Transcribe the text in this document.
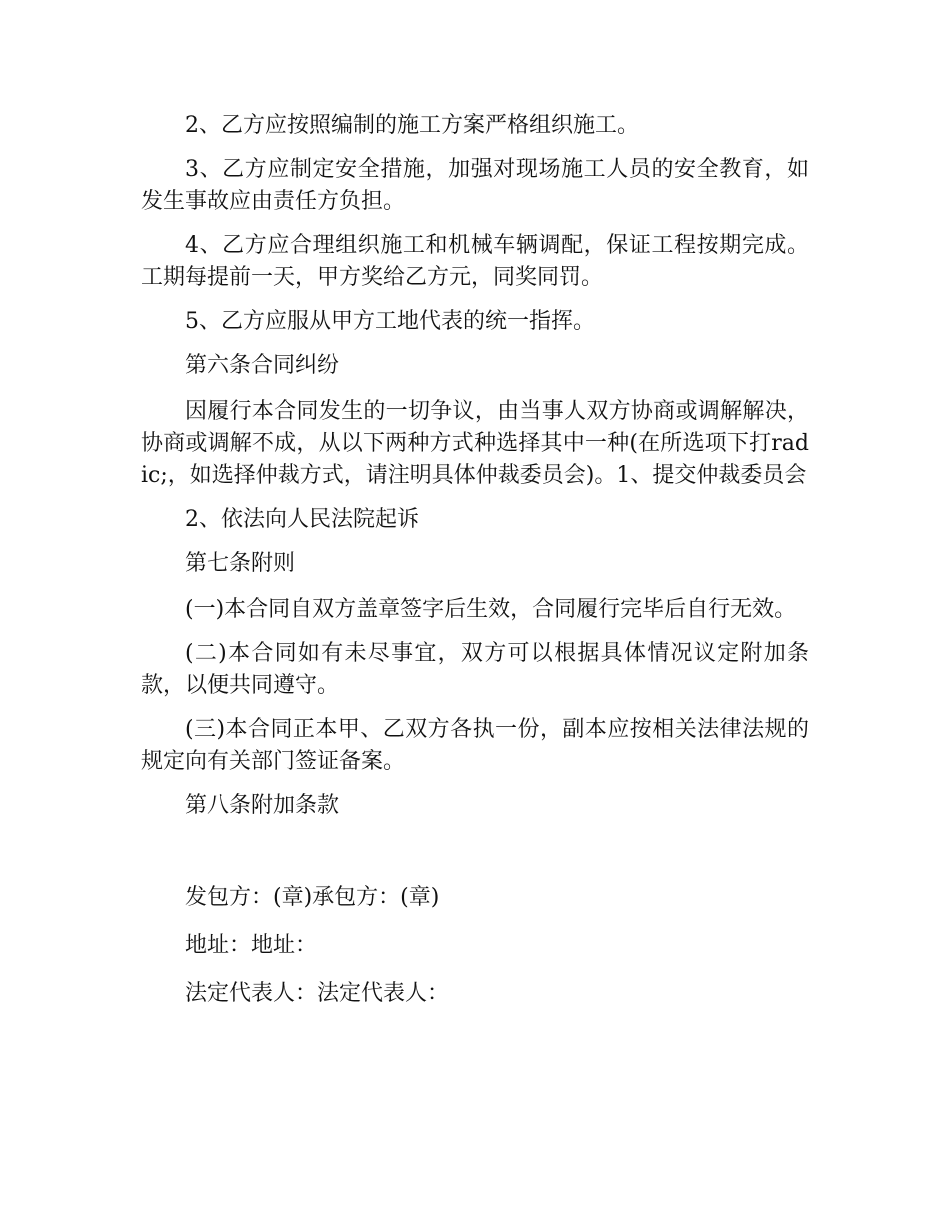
2、乙方应按照编制的施工方案严格组织施工。

3、乙方应制定安全措施，加强对现场施工人员的安全教育，如发生事故应由责任方负担。

4、乙方应合理组织施工和机械车辆调配，保证工程按期完成。工期每提前一天，甲方奖给乙方元，同奖同罚。

5、乙方应服从甲方工地代表的统一指挥。

第六条合同纠纷

因履行本合同发生的一切争议，由当事人双方协商或调解解决，协商或调解不成，从以下两种方式种选择其中一种(在所选项下打radic;，如选择仲裁方式，请注明具体仲裁委员会)。1、提交仲裁委员会

2、依法向人民法院起诉

第七条附则

(一)本合同自双方盖章签字后生效，合同履行完毕后自行无效。

(二)本合同如有未尽事宜，双方可以根据具体情况议定附加条款，以便共同遵守。

(三)本合同正本甲、乙双方各执一份，副本应按相关法律法规的规定向有关部门签证备案。

第八条附加条款

发包方：(章)承包方：(章)

地址：地址：

法定代表人：法定代表人：
